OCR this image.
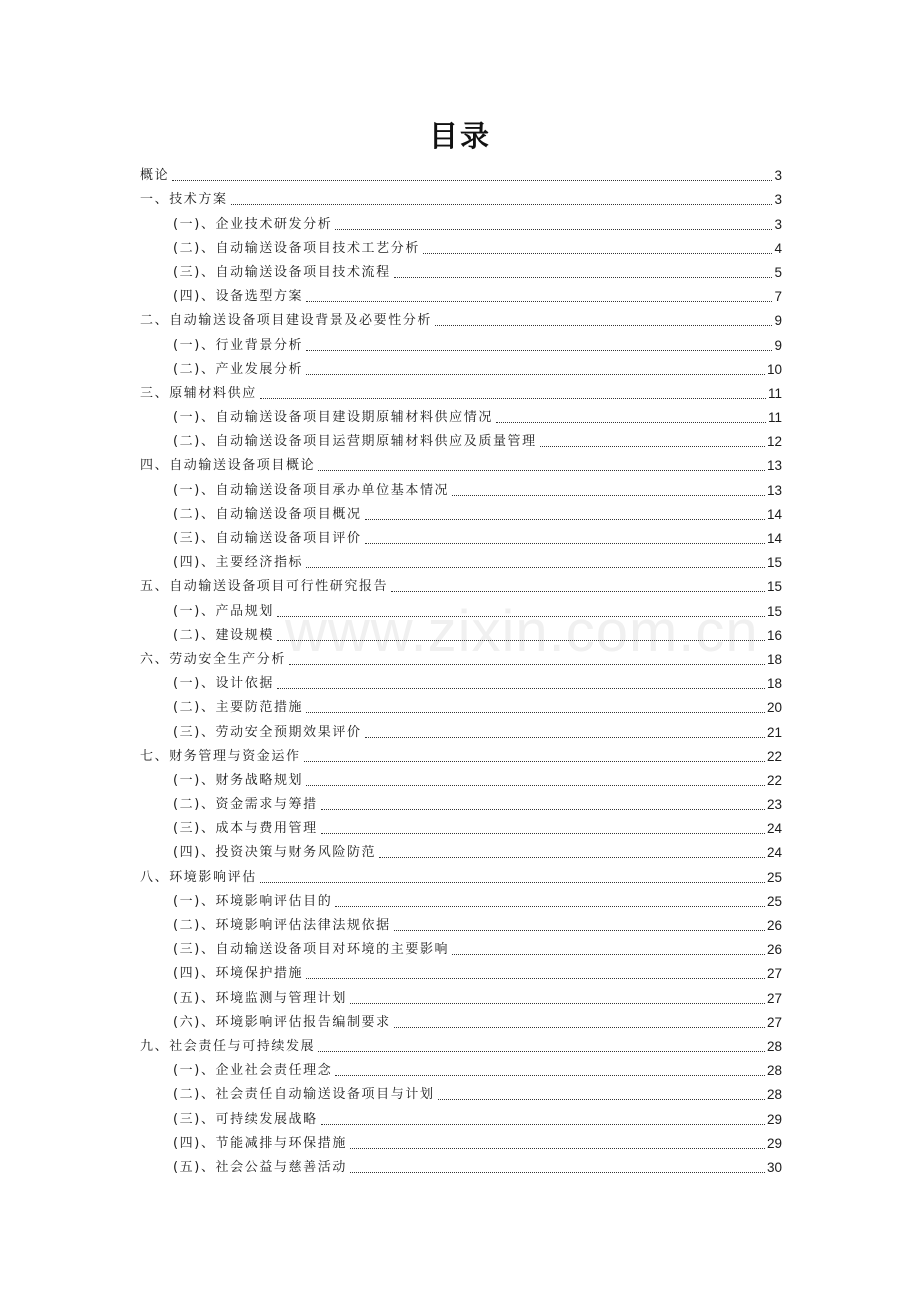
www.zixin.com.cn
目录
概论	3
一、技术方案	3
(一)、企业技术研发分析	3
(二)、自动输送设备项目技术工艺分析	4
(三)、自动输送设备项目技术流程	5
(四)、设备选型方案	7
二、自动输送设备项目建设背景及必要性分析	9
(一)、行业背景分析	9
(二)、产业发展分析	10
三、原辅材料供应	11
(一)、自动输送设备项目建设期原辅材料供应情况	11
(二)、自动输送设备项目运营期原辅材料供应及质量管理	12
四、自动输送设备项目概论	13
(一)、自动输送设备项目承办单位基本情况	13
(二)、自动输送设备项目概况	14
(三)、自动输送设备项目评价	14
(四)、主要经济指标	15
五、自动输送设备项目可行性研究报告	15
(一)、产品规划	15
(二)、建设规模	16
六、劳动安全生产分析	18
(一)、设计依据	18
(二)、主要防范措施	20
(三)、劳动安全预期效果评价	21
七、财务管理与资金运作	22
(一)、财务战略规划	22
(二)、资金需求与筹措	23
(三)、成本与费用管理	24
(四)、投资决策与财务风险防范	24
八、环境影响评估	25
(一)、环境影响评估目的	25
(二)、环境影响评估法律法规依据	26
(三)、自动输送设备项目对环境的主要影响	26
(四)、环境保护措施	27
(五)、环境监测与管理计划	27
(六)、环境影响评估报告编制要求	27
九、社会责任与可持续发展	28
(一)、企业社会责任理念	28
(二)、社会责任自动输送设备项目与计划	28
(三)、可持续发展战略	29
(四)、节能减排与环保措施	29
(五)、社会公益与慈善活动	30
